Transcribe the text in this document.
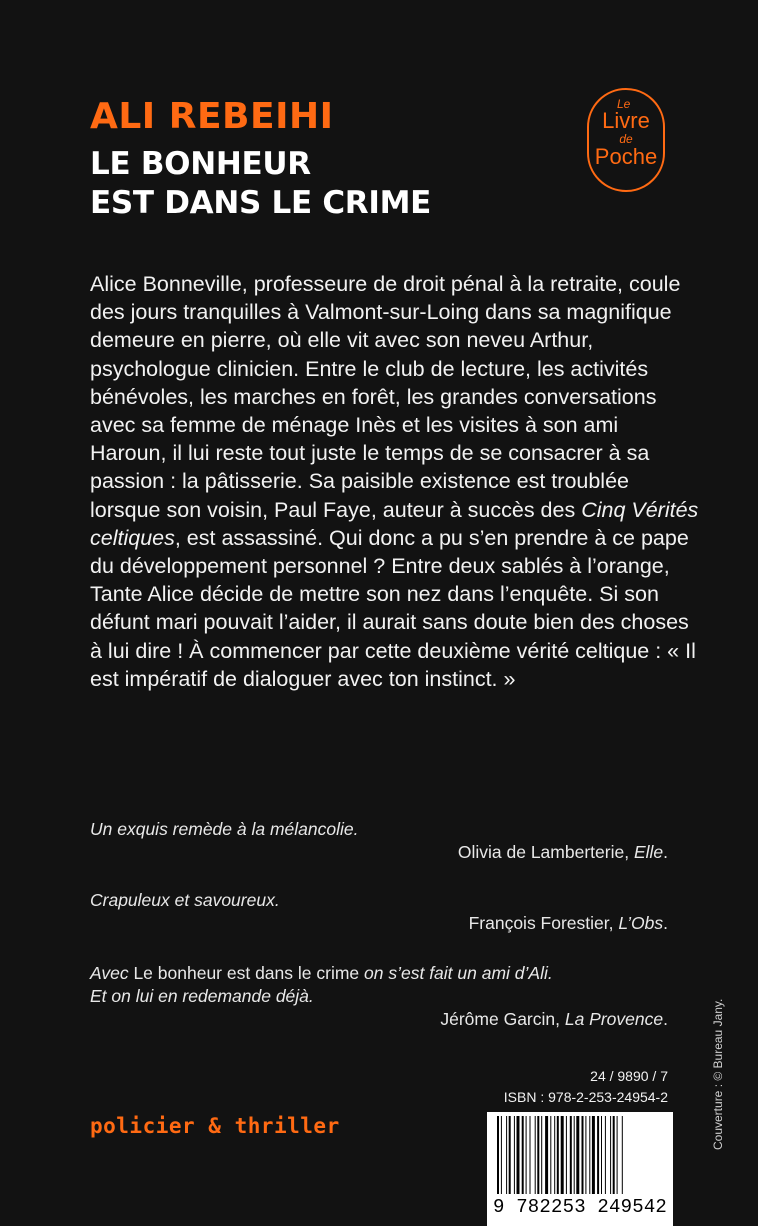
ALI REBEIHI
LE BONHEUR
EST DANS LE CRIME
Le
Livre
de
Poche

Alice Bonneville, professeure de droit pénal à la retraite, coule des jours tranquilles à Valmont-sur-Loing dans sa magnifique demeure en pierre, où elle vit avec son neveu Arthur, psychologue clinicien. Entre le club de lecture, les activités bénévoles, les marches en forêt, les grandes conversations avec sa femme de ménage Inès et les visites à son ami Haroun, il lui reste tout juste le temps de se consacrer à sa passion : la pâtisserie. Sa paisible existence est troublée lorsque son voisin, Paul Faye, auteur à succès des Cinq Vérités celtiques, est assassiné. Qui donc a pu s’en prendre à ce pape du développement personnel ? Entre deux sablés à l’orange, Tante Alice décide de mettre son nez dans l’enquête. Si son défunt mari pouvait l’aider, il aurait sans doute bien des choses à lui dire ! À commencer par cette deuxième vérité celtique : « Il est impératif de dialoguer avec ton instinct. »

Un exquis remède à la mélancolie.
Olivia de Lamberterie, Elle.
Crapuleux et savoureux.
François Forestier, L’Obs.
Avec Le bonheur est dans le crime on s’est fait un ami d’Ali.
Et on lui en redemande déjà.
Jérôme Garcin, La Provence.
24 / 9890 / 7
ISBN : 978-2-253-24954-2
policier & thriller
9 782253 249542
Couverture : © Bureau Jany.
